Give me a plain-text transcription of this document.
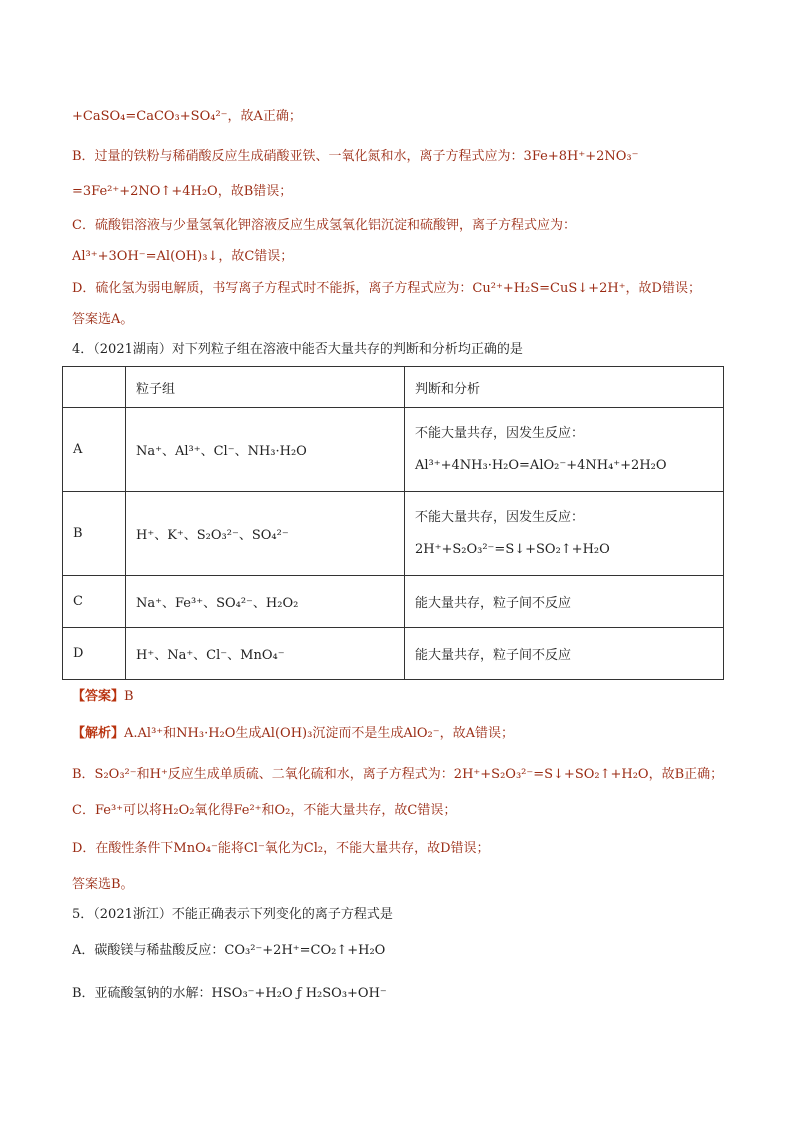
+CaSO₄=CaCO₃+SO₄²⁻，故A正确；
B．过量的铁粉与稀硝酸反应生成硝酸亚铁、一氧化氮和水，离子方程式应为：3Fe+8H⁺+2NO₃⁻
=3Fe²⁺+2NO↑+4H₂O，故B错误；
C．硫酸铝溶液与少量氢氧化钾溶液反应生成氢氧化铝沉淀和硫酸钾，离子方程式应为：
Al³⁺+3OH⁻=Al(OH)₃↓，故C错误；
D．硫化氢为弱电解质，书写离子方程式时不能拆，离子方程式应为：Cu²⁺+H₂S=CuS↓+2H⁺，故D错误；
答案选A。
4．（2021湖南）对下列粒子组在溶液中能否大量共存的判断和分析均正确的是
	粒子组	判断和分析
A	Na⁺、Al³⁺、Cl⁻、NH₃·H₂O	不能大量共存，因发生反应：
Al³⁺+4NH₃·H₂O=AlO₂⁻+4NH₄⁺+2H₂O

B	H⁺、K⁺、S₂O₃²⁻、SO₄²⁻	不能大量共存，因发生反应：
2H⁺+S₂O₃²⁻=S↓+SO₂↑+H₂O

C	Na⁺、Fe³⁺、SO₄²⁻、H₂O₂	能大量共存，粒子间不反应
D	H⁺、Na⁺、Cl⁻、MnO₄⁻	能大量共存，粒子间不反应
【答案】B
【解析】A.Al³⁺和NH₃·H₂O生成Al(OH)₃沉淀而不是生成AlO₂⁻，故A错误；
B．S₂O₃²⁻和H⁺反应生成单质硫、二氧化硫和水，离子方程式为：2H⁺+S₂O₃²⁻=S↓+SO₂↑+H₂O，故B正确；
C．Fe³⁺可以将H₂O₂氧化得Fe²⁺和O₂，不能大量共存，故C错误；
D．在酸性条件下MnO₄⁻能将Cl⁻氧化为Cl₂，不能大量共存，故D错误；
答案选B。
5．（2021浙江）不能正确表示下列变化的离子方程式是
A．碳酸镁与稀盐酸反应：CO₃²⁻+2H⁺=CO₂↑+H₂O
B．亚硫酸氢钠的水解：HSO₃⁻+H₂O ƒ H₂SO₃+OH⁻
